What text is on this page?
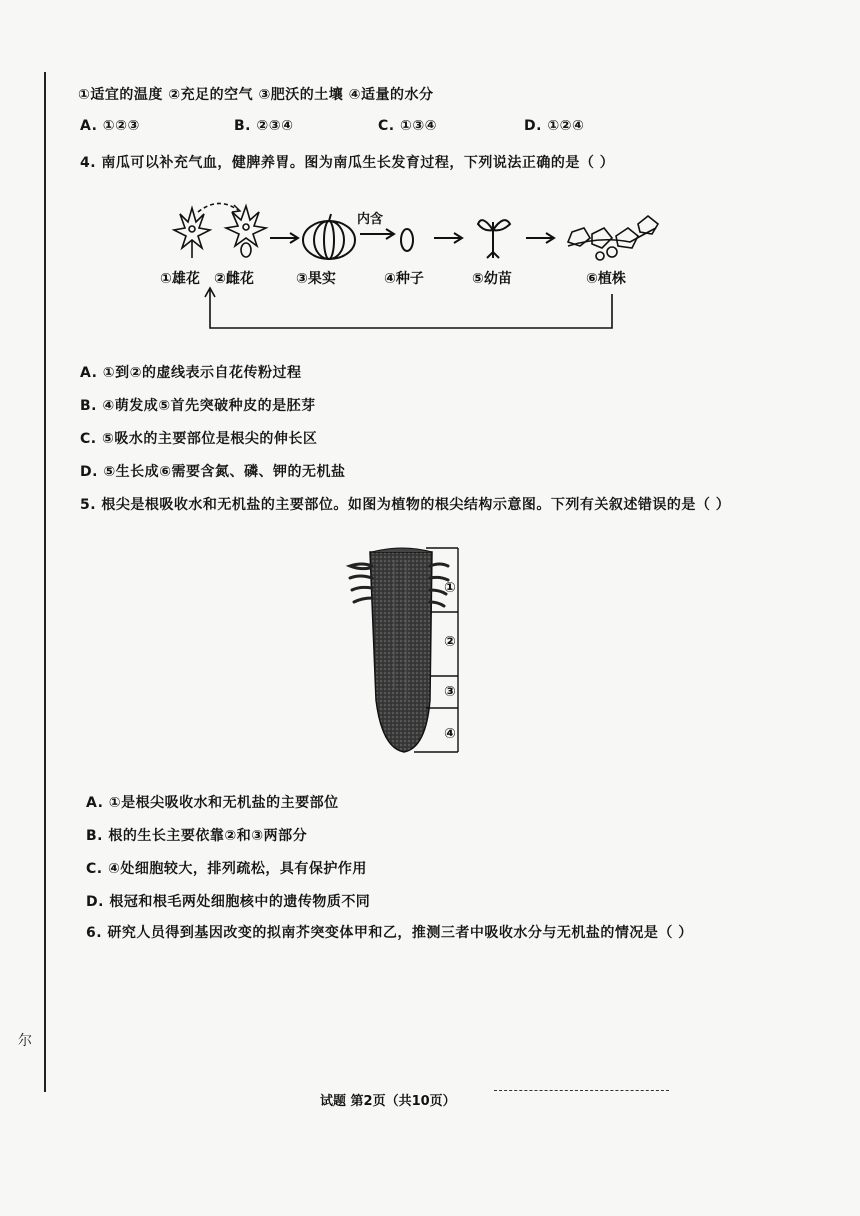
尔
①适宜的温度 ②充足的空气 ③肥沃的土壤 ④适量的水分
A. ①②③	B. ②③④	C. ①③④	D. ①②④
4. 南瓜可以补充气血，健脾养胃。图为南瓜生长发育过程，下列说法正确的是（ ）
内含
①雄花 ②雌花	③果实	④种子	⑤幼苗	⑥植株
A. ①到②的虚线表示自花传粉过程
B. ④萌发成⑤首先突破种皮的是胚芽
C. ⑤吸水的主要部位是根尖的伸长区
D. ⑤生长成⑥需要含氮、磷、钾的无机盐
5. 根尖是根吸收水和无机盐的主要部位。如图为植物的根尖结构示意图。下列有关叙述错误的是（ ）
①
②
③
④
A. ①是根尖吸收水和无机盐的主要部位
B. 根的生长主要依靠②和③两部分
C. ④处细胞较大，排列疏松，具有保护作用
D. 根冠和根毛两处细胞核中的遗传物质不同
6. 研究人员得到基因改变的拟南芥突变体甲和乙，推测三者中吸收水分与无机盐的情况是（ ）
试题 第2页（共10页）
